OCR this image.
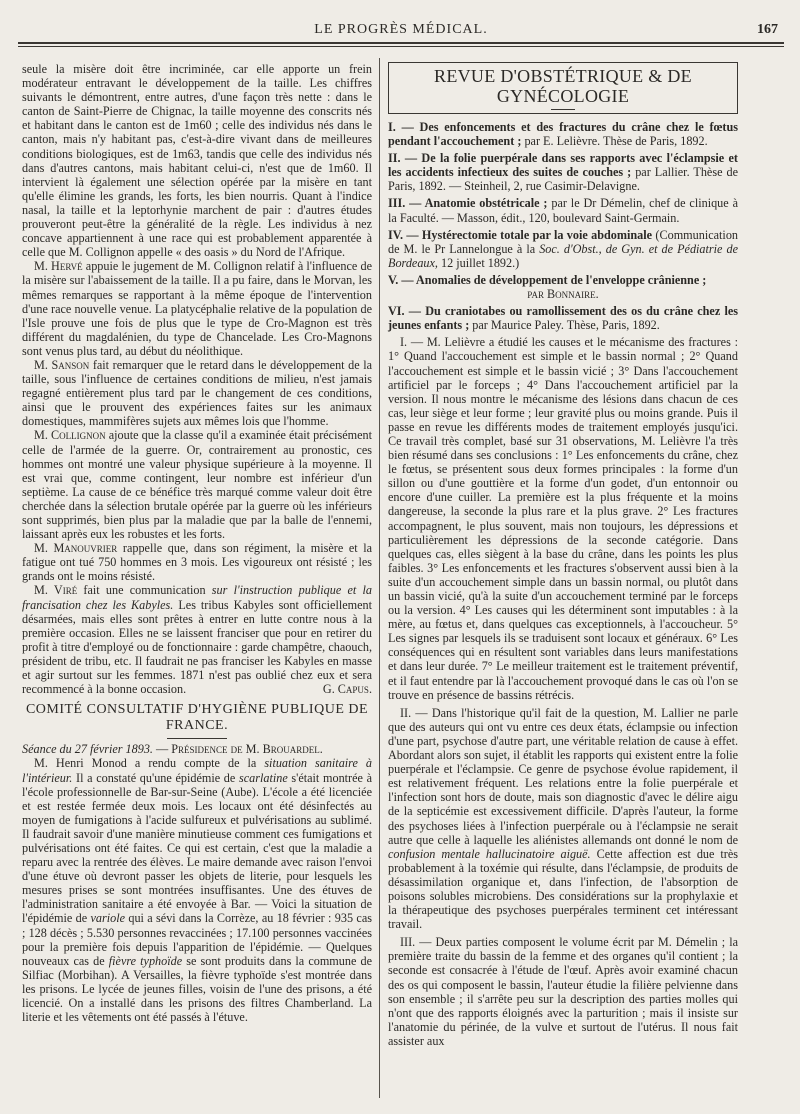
LE PROGRÈS MÉDICAL.	167

seule la misère doit être incriminée, car elle apporte un frein modérateur entravant le développement de la taille. Les chiffres suivants le démontrent, entre autres, d'une façon très nette : dans le canton de Saint-Pierre de Chignac, la taille moyenne des conscrits nés et habitant dans le canton est de 1m60 ; celle des individus nés dans le canton, mais n'y habitant pas, c'est-à-dire vivant dans de meilleures conditions biologiques, est de 1m63, tandis que celle des individus nés dans d'autres cantons, mais habitant celui-ci, n'est que de 1m60. Il intervient là également une sélection opérée par la misère en tant qu'elle élimine les grands, les forts, les bien nourris. Quant à l'indice nasal, la taille et la leptorhynie marchent de pair : d'autres études prouveront peut-être la généralité de la règle. Les individus à nez concave appartiennent à une race qui est probablement apparentée à celle que M. Collignon appelle « des oasis » du Nord de l'Afrique.

M. Hervé appuie le jugement de M. Collignon relatif à l'influence de la misère sur l'abaissement de la taille. Il a pu faire, dans le Morvan, les mêmes remarques se rapportant à la même époque de l'intervention d'une race nouvelle venue. La platycéphalie relative de la population de l'Isle prouve une fois de plus que le type de Cro-Magnon est très différent du magdalénien, du type de Chancelade. Les Cro-Magnons sont venus plus tard, au début du néolithique.

M. Sanson fait remarquer que le retard dans le développement de la taille, sous l'influence de certaines conditions de milieu, n'est jamais regagné entièrement plus tard par le changement de ces conditions, ainsi que le prouvent des expériences faites sur les animaux domestiques, mammifères sujets aux mêmes lois que l'homme.

M. Collignon ajoute que la classe qu'il a examinée était précisément celle de l'armée de la guerre. Or, contrairement au pronostic, ces hommes ont montré une valeur physique supérieure à la moyenne. Il est vrai que, comme contingent, leur nombre est inférieur d'un septième. La cause de ce bénéfice très marqué comme valeur doit être cherchée dans la sélection brutale opérée par la guerre où les inférieurs sont supprimés, bien plus par la maladie que par la balle de l'ennemi, laissant après eux les robustes et les forts.

M. Manouvrier rappelle que, dans son régiment, la misère et la fatigue ont tué 750 hommes en 3 mois. Les vigoureux ont résisté ; les grands ont le moins résisté.

M. Viré fait une communication sur l'instruction publique et la francisation chez les Kabyles. Les tribus Kabyles sont officiellement désarmées, mais elles sont prêtes à entrer en lutte contre nous à la première occasion. Elles ne se laissent franciser que pour en retirer du profit à titre d'employé ou de fonctionnaire : garde champêtre, chaouch, président de tribu, etc. Il faudrait ne pas franciser les Kabyles en masse et agir surtout sur les femmes. 1871 n'est pas oublié chez eux et sera recommencé à la bonne occasion.	G. Capus.
COMITÉ CONSULTATIF D'HYGIÈNE PUBLIQUE DE FRANCE.

Séance du 27 février 1893. — Présidence de M. Brouardel.

M. Henri Monod a rendu compte de la situation sanitaire à l'intérieur. Il a constaté qu'une épidémie de scarlatine s'était montrée à l'école professionnelle de Bar-sur-Seine (Aube). L'école a été licenciée et est restée fermée deux mois. Les locaux ont été désinfectés au moyen de fumigations à l'acide sulfureux et pulvérisations au sublimé. Il faudrait savoir d'une manière minutieuse comment ces fumigations et pulvérisations ont été faites. Ce qui est certain, c'est que la maladie a reparu avec la rentrée des élèves. Le maire demande avec raison l'envoi d'une étuve où devront passer les objets de literie, pour lesquels les mesures prises se sont montrées insuffisantes. Une des étuves de l'administration sanitaire a été envoyée à Bar. — Voici la situation de l'épidémie de variole qui a sévi dans la Corrèze, au 18 février : 935 cas ; 128 décès ; 5.530 personnes revaccinées ; 17.100 personnes vaccinées pour la première fois depuis l'apparition de l'épidémie. — Quelques nouveaux cas de fièvre typhoïde se sont produits dans la commune de Silfiac (Morbihan). A Versailles, la fièvre typhoïde s'est montrée dans les prisons. Le lycée de jeunes filles, voisin de l'une des prisons, a été licencié. On a installé dans les prisons des filtres Chamberland. La literie et les vêtements ont été passés à l'étuve.

REVUE D'OBSTÉTRIQUE & DE GYNÉCOLOGIE

I. — Des enfoncements et des fractures du crâne chez le fœtus pendant l'accouchement ; par E. Lelièvre. Thèse de Paris, 1892.

II. — De la folie puerpérale dans ses rapports avec l'éclampsie et les accidents infectieux des suites de couches ; par Lallier. Thèse de Paris, 1892. — Steinheil, 2, rue Casimir-Delavigne.

III. — Anatomie obstétricale ; par le Dr Démelin, chef de clinique à la Faculté. — Masson, édit., 120, boulevard Saint-Germain.

IV. — Hystérectomie totale par la voie abdominale (Communication de M. le Pr Lannelongue à la Soc. d'Obst., de Gyn. et de Pédiatrie de Bordeaux, 12 juillet 1892.)

V. — Anomalies de développement de l'enveloppe crânienne ;

par Bonnaire.

VI. — Du craniotabes ou ramollissement des os du crâne chez les jeunes enfants ; par Maurice Paley. Thèse, Paris, 1892.

I. — M. Lelièvre a étudié les causes et le mécanisme des fractures : 1° Quand l'accouchement est simple et le bassin normal ; 2° Quand l'accouchement est simple et le bassin vicié ; 3° Dans l'accouchement artificiel par le forceps ; 4° Dans l'accouchement artificiel par la version. Il nous montre le mécanisme des lésions dans chacun de ces cas, leur siège et leur forme ; leur gravité plus ou moins grande. Puis il passe en revue les différents modes de traitement employés jusqu'ici. Ce travail très complet, basé sur 31 observations, M. Lelièvre l'a très bien résumé dans ses conclusions : 1° Les enfoncements du crâne, chez le fœtus, se présentent sous deux formes principales : la forme d'un sillon ou d'une gouttière et la forme d'un godet, d'un entonnoir ou encore d'une cuiller. La première est la plus fréquente et la moins dangereuse, la seconde la plus rare et la plus grave. 2° Les fractures accompagnent, le plus souvent, mais non toujours, les dépressions et particulièrement les dépressions de la seconde catégorie. Dans quelques cas, elles siègent à la base du crâne, dans les points les plus faibles. 3° Les enfoncements et les fractures s'observent aussi bien à la suite d'un accouchement simple dans un bassin normal, ou plutôt dans un bassin vicié, qu'à la suite d'un accouchement terminé par le forceps ou la version. 4° Les causes qui les déterminent sont imputables : à la mère, au fœtus et, dans quelques cas exceptionnels, à l'accoucheur. 5° Les signes par lesquels ils se traduisent sont locaux et généraux. 6° Les conséquences qui en résultent sont variables dans leurs manifestations et dans leur durée. 7° Le meilleur traitement est le traitement préventif, et il faut entendre par là l'accouchement provoqué dans le cas où l'on se trouve en présence de bassins rétrécis.

II. — Dans l'historique qu'il fait de la question, M. Lallier ne parle que des auteurs qui ont vu entre ces deux états, éclampsie ou infection d'une part, psychose d'autre part, une véritable relation de cause à effet. Abordant alors son sujet, il établit les rapports qui existent entre la folie puerpérale et l'éclampsie. Ce genre de psychose évolue rapidement, il est relativement fréquent. Les relations entre la folie puerpérale et l'infection sont hors de doute, mais son diagnostic d'avec le délire aigu de la septicémie est excessivement difficile. D'après l'auteur, la forme des psychoses liées à l'infection puerpérale ou à l'éclampsie ne serait autre que celle à laquelle les aliénistes allemands ont donné le nom de confusion mentale hallucinatoire aiguë. Cette affection est due très probablement à la toxémie qui résulte, dans l'éclampsie, de produits de désassimilation organique et, dans l'infection, de l'absorption de poisons solubles microbiens. Des considérations sur la prophylaxie et la thérapeutique des psychoses puerpérales terminent cet intéressant travail.

III. — Deux parties composent le volume écrit par M. Démelin ; la première traite du bassin de la femme et des organes qu'il contient ; la seconde est consacrée à l'étude de l'œuf. Après avoir examiné chacun des os qui composent le bassin, l'auteur étudie la filière pelvienne dans son ensemble ; il s'arrête peu sur la description des parties molles qui n'ont que des rapports éloignés avec la parturition ; mais il insiste sur l'anatomie du périnée, de la vulve et surtout de l'utérus. Il nous fait assister aux
